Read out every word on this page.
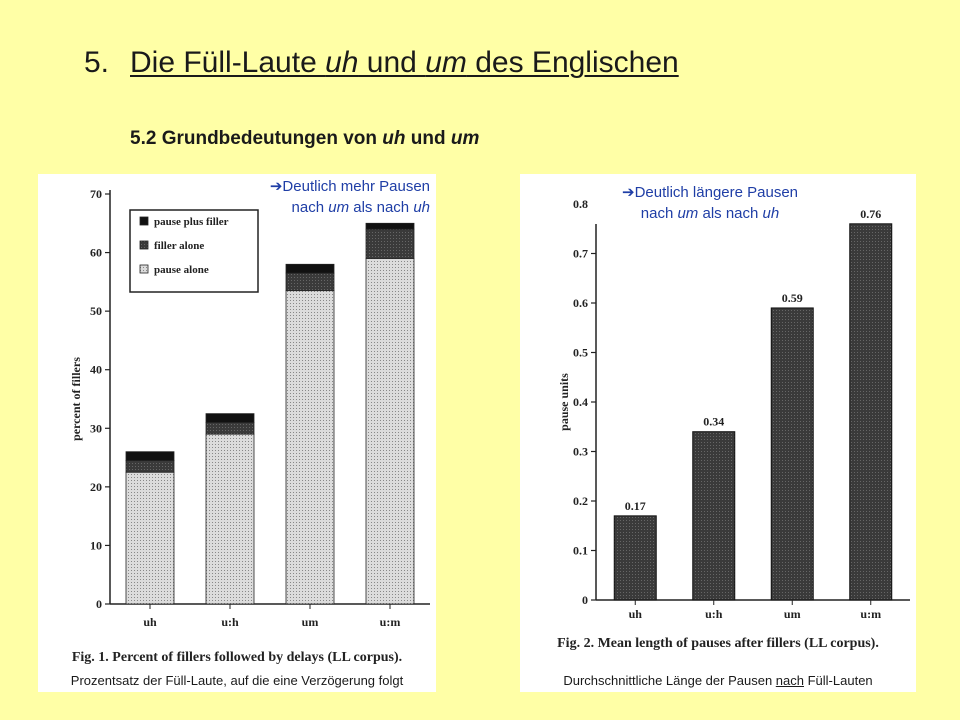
5. Die Füll-Laute uh und um des Englischen
5.2 Grundbedeutungen von uh und um
0
10
20
30
40
50
60
70
percent of fillers
uh	u:h	um	u:m
pause plus filler
filler alone
pause alone
➔Deutlich mehr Pausen
nach um als nach uh
Fig. 1. Percent of fillers followed by delays (LL corpus).
Prozentsatz der Füll-Laute, auf die eine Verzögerung folgt
0
0.1
0.2
0.3
0.4
0.5
0.6
0.7
0.8
pause units
0.17
uh
0.34
u:h
0.59
um
0.76
u:m
➔Deutlich längere Pausen
nach um als nach uh
Fig. 2. Mean length of pauses after fillers (LL corpus).
Durchschnittliche Länge der Pausen nach Füll-Lauten
